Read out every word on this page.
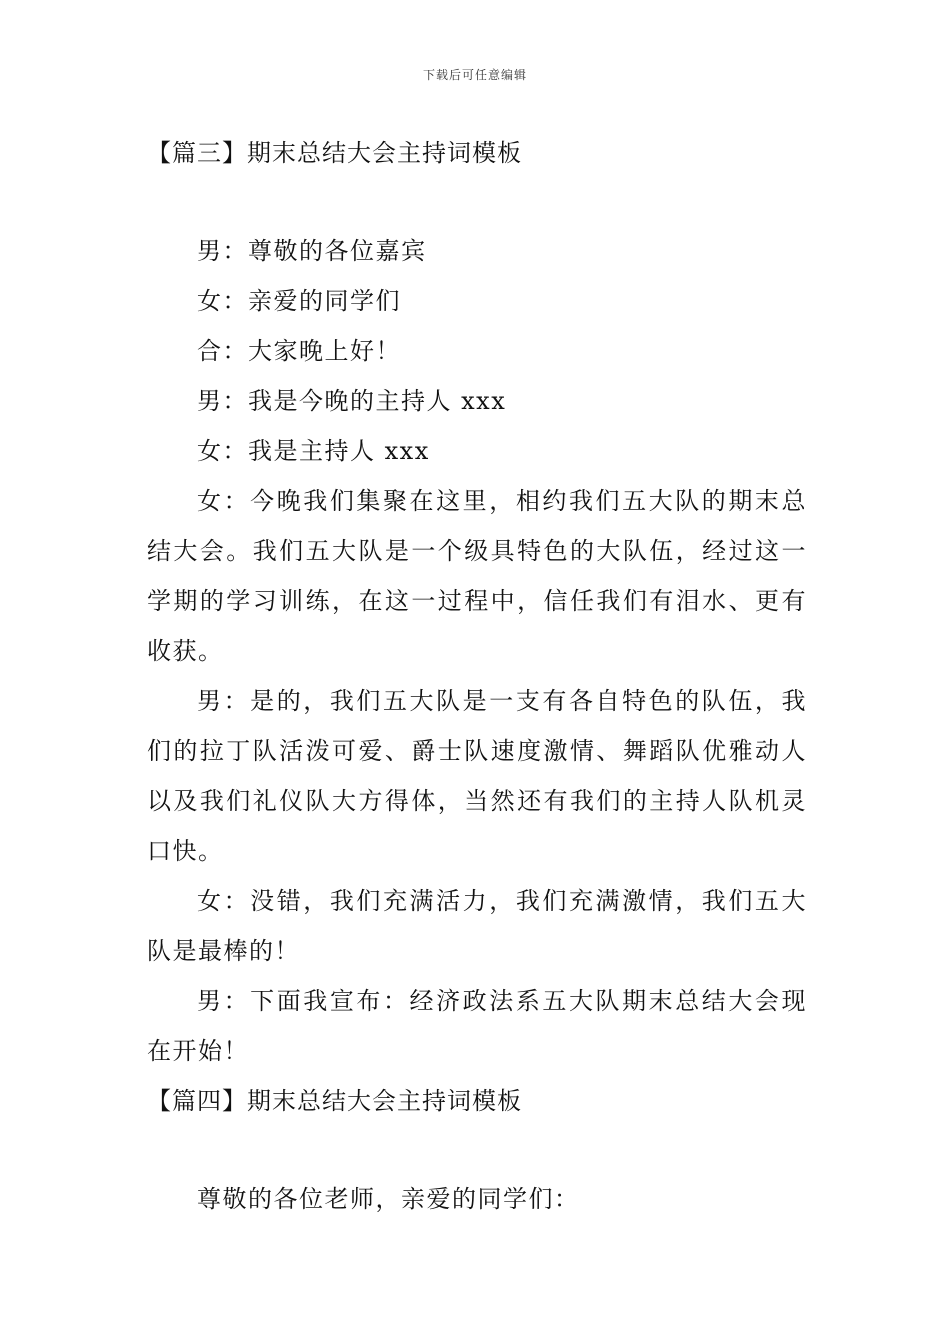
下载后可任意编辑
【篇三】期末总结大会主持词模板

男：尊敬的各位嘉宾

女：亲爱的同学们

合：大家晚上好！

男：我是今晚的主持人 xxx

女：我是主持人 xxx

女：今晚我们集聚在这里，相约我们五大队的期末总结大会。我们五大队是一个级具特色的大队伍，经过这一学期的学习训练，在这一过程中，信任我们有泪水、更有收获。

男：是的，我们五大队是一支有各自特色的队伍，我们的拉丁队活泼可爱、爵士队速度激情、舞蹈队优雅动人以及我们礼仪队大方得体，当然还有我们的主持人队机灵口快。

女：没错，我们充满活力，我们充满激情，我们五大队是最棒的！

男：下面我宣布：经济政法系五大队期末总结大会现在开始！

【篇四】期末总结大会主持词模板

尊敬的各位老师，亲爱的同学们：
